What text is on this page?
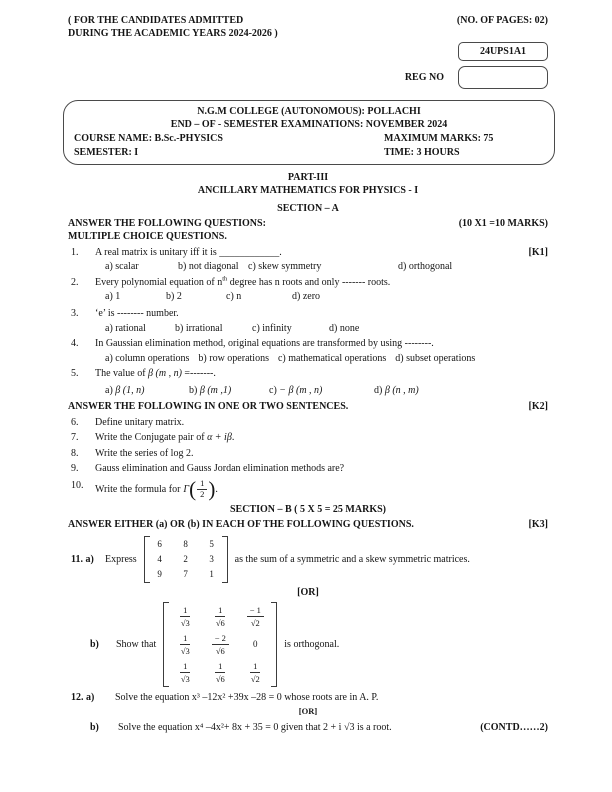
( FOR THE CANDIDATES ADMITTED
DURING THE ACADEMIC YEARS 2024-2026 )
(NO. OF PAGES: 02)
24UPS1A1
REG NO
N.G.M COLLEGE (AUTONOMOUS): POLLACHI
END – OF - SEMESTER EXAMINATIONS: NOVEMBER 2024
COURSE NAME: B.Sc.-PHYSICS	MAXIMUM MARKS: 75
SEMESTER: I	TIME: 3 HOURS
PART-III
ANCILLARY MATHEMATICS FOR PHYSICS - I
SECTION – A
ANSWER THE FOLLOWING QUESTIONS:	(10 X1 =10 MARKS)
MULTIPLE CHOICE QUESTIONS.
1.	A real matrix is unitary iff it is ____________.	[K1]
a) scalar	b) not diagonal c) skew symmetry	d) orthogonal
2.	Every polynomial equation of $n^{th}$ degree has n roots and only ------- roots.
a) 1	b) 2	c) n	d) zero
3.	‘e’ is -------- number.
a) rational	b) irrational	c) infinity	d) none
4.	In Gaussian elimination method, original equations are transformed by using --------.
a) column operations b) row operations c) mathematical operations d) subset operations
5.	The value of β (m , n) =-------.
a) β (1, n)	b) β (m ,1)	c) − β (m , n)	d) β (n , m)
ANSWER THE FOLLOWING IN ONE OR TWO SENTENCES.	[K2]
6.	Define unitary matrix.
7.	Write the Conjugate pair of α + iβ.
8.	Write the series of log 2.
9.	Gauss elimination and Gauss Jordan elimination methods are?
10.	Write the formula for Γ ( 1
2 ) .
SECTION – B ( 5 X 5 = 25 MARKS)
ANSWER EITHER (a) OR (b) IN EACH OF THE FOLLOWING QUESTIONS.	[K3]
11. a)	Express
6 8 5
4 2 3
9 7 1
as the sum of a symmetric and a skew symmetric matrices.
[OR]
b)	Show that
$\frac{1}{√3}$	$\frac{1}{√6}$	$\frac{- 1}{√2}$
$\frac{1}{√3}$	$\frac{- 2}{√6}$	0
$\frac{1}{√3}$	$\frac{1}{√6}$	$\frac{1}{√2}$
is orthogonal.
12. a)	Solve the equation x³ –12x² +39x –28 = 0 whose roots are in A. P.
[OR]
b)	Solve the equation x⁴ –4x²+ 8x + 35 = 0 given that 2 + i √3 is a root.	(CONTD……2)
